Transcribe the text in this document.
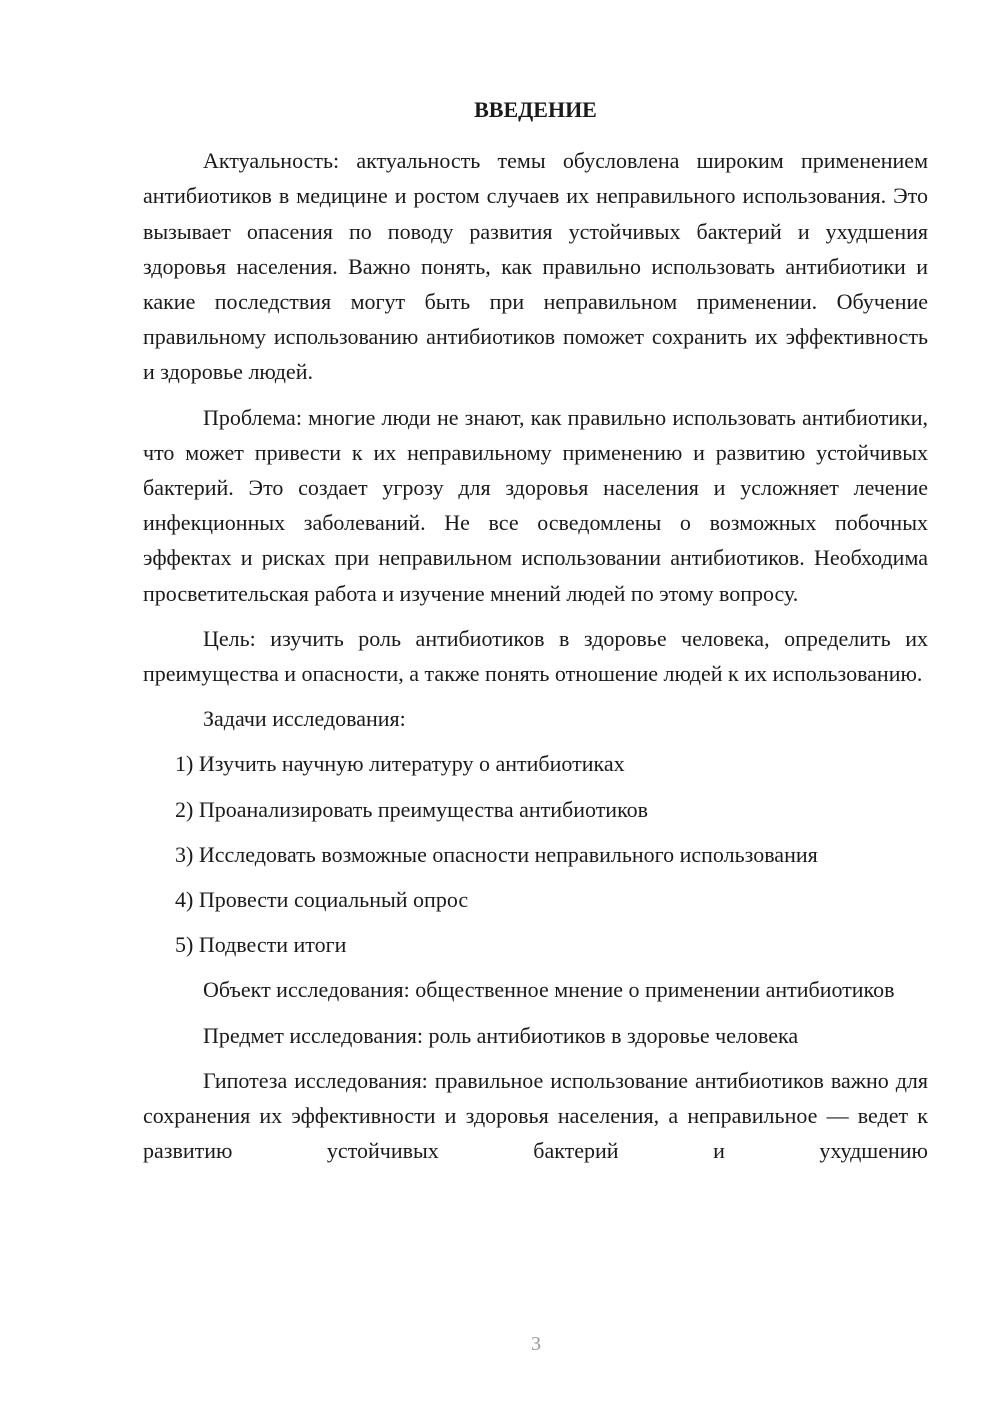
ВВЕДЕНИЕ

Актуальность: актуальность темы обусловлена широким применением антибиотиков в медицине и ростом случаев их неправильного использования. Это вызывает опасения по поводу развития устойчивых бактерий и ухудшения здоровья населения. Важно понять, как правильно использовать антибиотики и какие последствия могут быть при неправильном применении. Обучение правильному использованию антибиотиков поможет сохранить их эффективность и здоровье людей.

Проблема: многие люди не знают, как правильно использовать антибиотики, что может привести к их неправильному применению и развитию устойчивых бактерий. Это создает угрозу для здоровья населения и усложняет лечение инфекционных заболеваний. Не все осведомлены о возможных побочных эффектах и рисках при неправильном использовании антибиотиков. Необходима просветительская работа и изучение мнений людей по этому вопросу.

Цель: изучить роль антибиотиков в здоровье человека, определить их преимущества и опасности, а также понять отношение людей к их использованию.

Задачи исследования:

1) Изучить научную литературу о антибиотиках
2) Проанализировать преимущества антибиотиков
3) Исследовать возможные опасности неправильного использования
4) Провести социальный опрос
5) Подвести итоги

Объект исследования: общественное мнение о применении антибиотиков

Предмет исследования: роль антибиотиков в здоровье человека

Гипотеза исследования: правильное использование антибиотиков важно для сохранения их эффективности и здоровья населения, а неправильное — ведет к развитию устойчивых бактерий и ухудшению

3
